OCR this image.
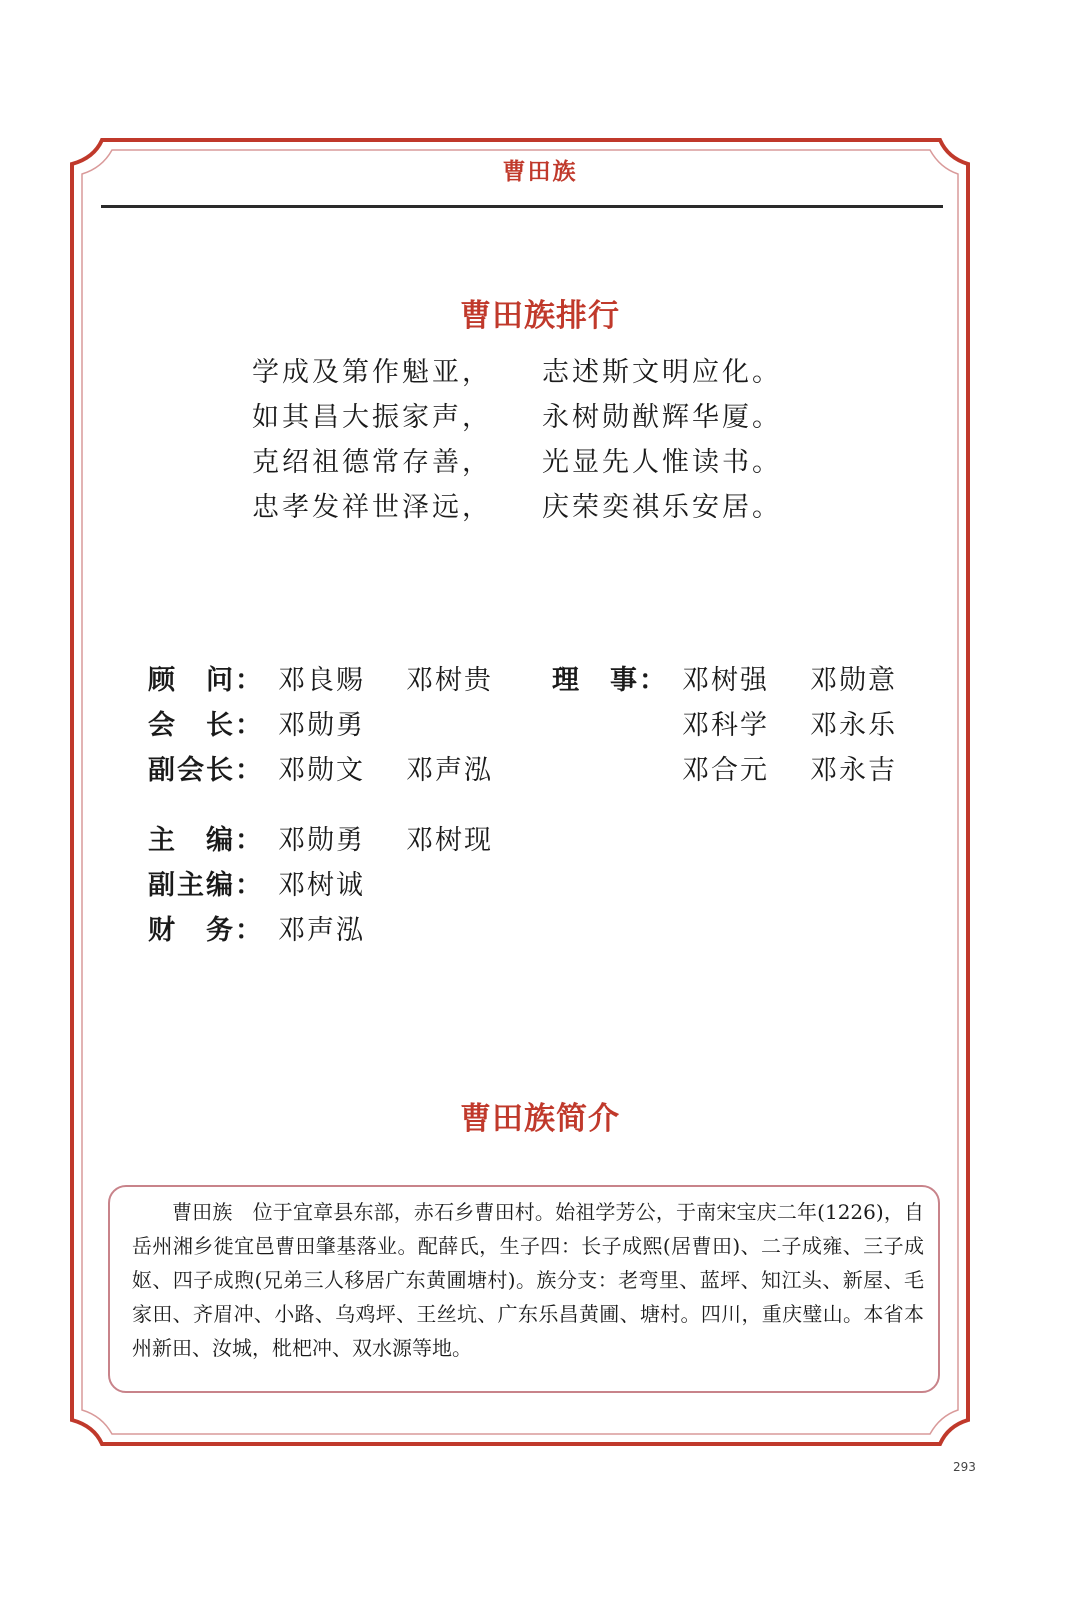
曹田族
曹田族排行
学成及第作魁亚， 志述斯文明应化。
如其昌大振家声， 永树勋猷辉华厦。
克绍祖德常存善， 光显先人惟读书。
忠孝发祥世泽远， 庆荣奕祺乐安居。
顾　问： 邓良赐 邓树贵
会　长： 邓勋勇
副会长： 邓勋文 邓声泓
理　事： 邓树强 邓勋意
邓科学 邓永乐
邓合元 邓永吉
主　编： 邓勋勇 邓树现
副主编： 邓树诚
财　务： 邓声泓
曹田族简介

曹田族　位于宜章县东部，赤石乡曹田村。始祖学芳公，于南宋宝庆二年(1226)，自岳州湘乡徙宜邑曹田肇基落业。配薛氏，生子四：长子成熙(居曹田)、二子成雍、三子成妪、四子成煦(兄弟三人移居广东黄圃塘村)。族分支：老弯里、蓝坪、知江头、新屋、毛家田、齐眉冲、小路、乌鸡坪、王丝坑、广东乐昌黄圃、塘村。四川，重庆璧山。本省本州新田、汝城，枇杷冲、双水源等地。

293
